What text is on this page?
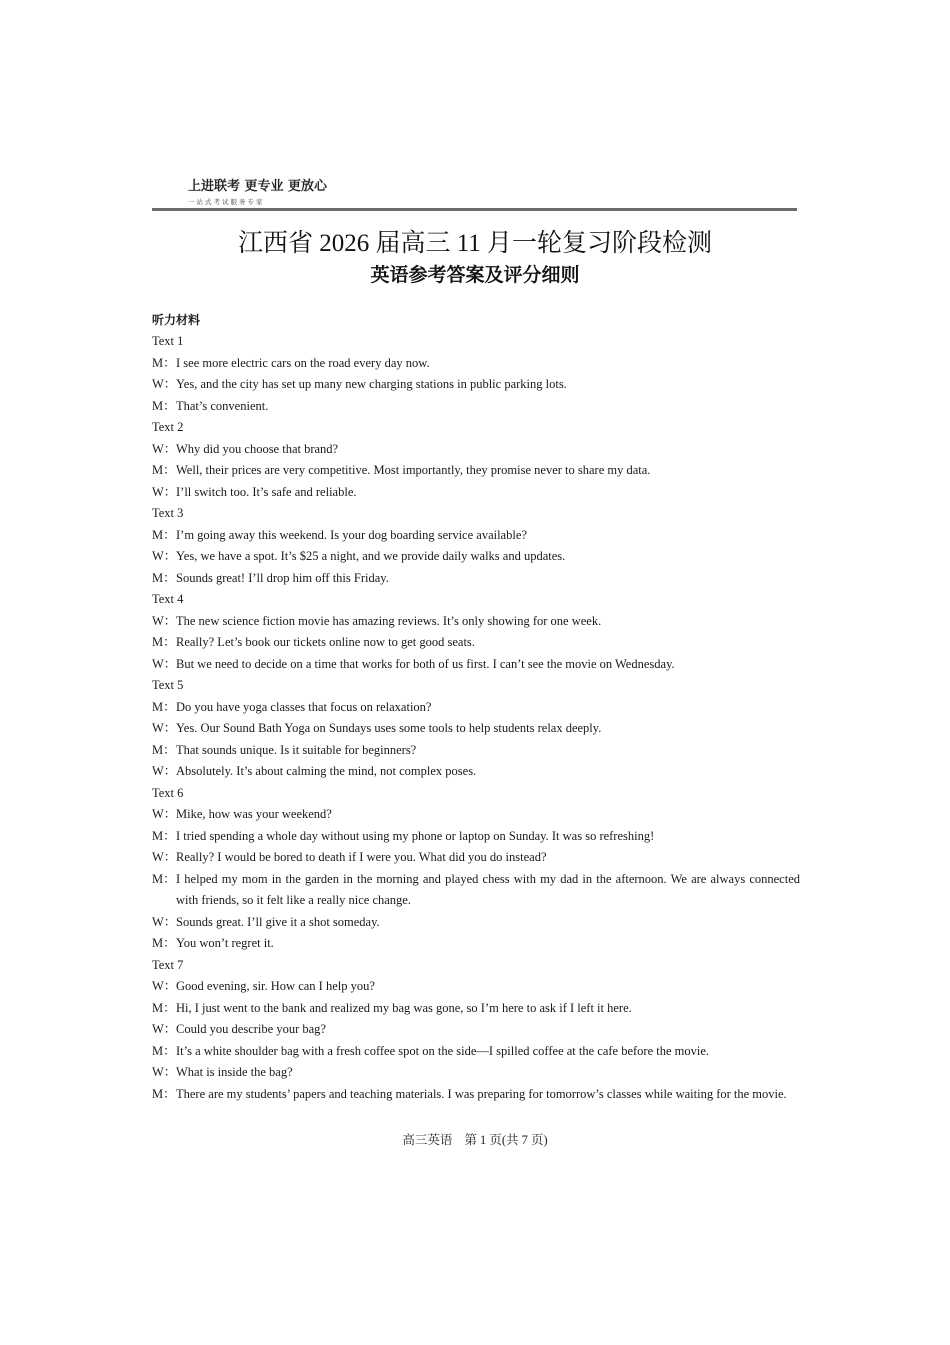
上进联考 更专业 更放心
一站式考试服务专家
江西省 2026 届高三 11 月一轮复习阶段检测
英语参考答案及评分细则
听力材料
Text 1
M：I see more electric cars on the road every day now.
W：Yes, and the city has set up many new charging stations in public parking lots.
M：That’s convenient.
Text 2
W：Why did you choose that brand?
M：Well, their prices are very competitive. Most importantly, they promise never to share my data.
W：I’ll switch too. It’s safe and reliable.
Text 3
M：I’m going away this weekend. Is your dog boarding service available?
W：Yes, we have a spot. It’s $25 a night, and we provide daily walks and updates.
M：Sounds great! I’ll drop him off this Friday.
Text 4
W：The new science fiction movie has amazing reviews. It’s only showing for one week.
M：Really? Let’s book our tickets online now to get good seats.
W：But we need to decide on a time that works for both of us first. I can’t see the movie on Wednesday.
Text 5
M：Do you have yoga classes that focus on relaxation?
W：Yes. Our Sound Bath Yoga on Sundays uses some tools to help students relax deeply.
M：That sounds unique. Is it suitable for beginners?
W：Absolutely. It’s about calming the mind, not complex poses.
Text 6
W：Mike, how was your weekend?
M：I tried spending a whole day without using my phone or laptop on Sunday. It was so refreshing!
W：Really? I would be bored to death if I were you. What did you do instead?
M：I helped my mom in the garden in the morning and played chess with my dad in the afternoon. We are always connected with friends, so it felt like a really nice change.
W：Sounds great. I’ll give it a shot someday.
M：You won’t regret it.
Text 7
W：Good evening, sir. How can I help you?
M：Hi, I just went to the bank and realized my bag was gone, so I’m here to ask if I left it here.
W：Could you describe your bag?
M：It’s a white shoulder bag with a fresh coffee spot on the side—I spilled coffee at the cafe before the movie.
W：What is inside the bag?
M：There are my students’ papers and teaching materials. I was preparing for tomorrow’s classes while waiting for the movie.
高三英语 第 1 页(共 7 页)
